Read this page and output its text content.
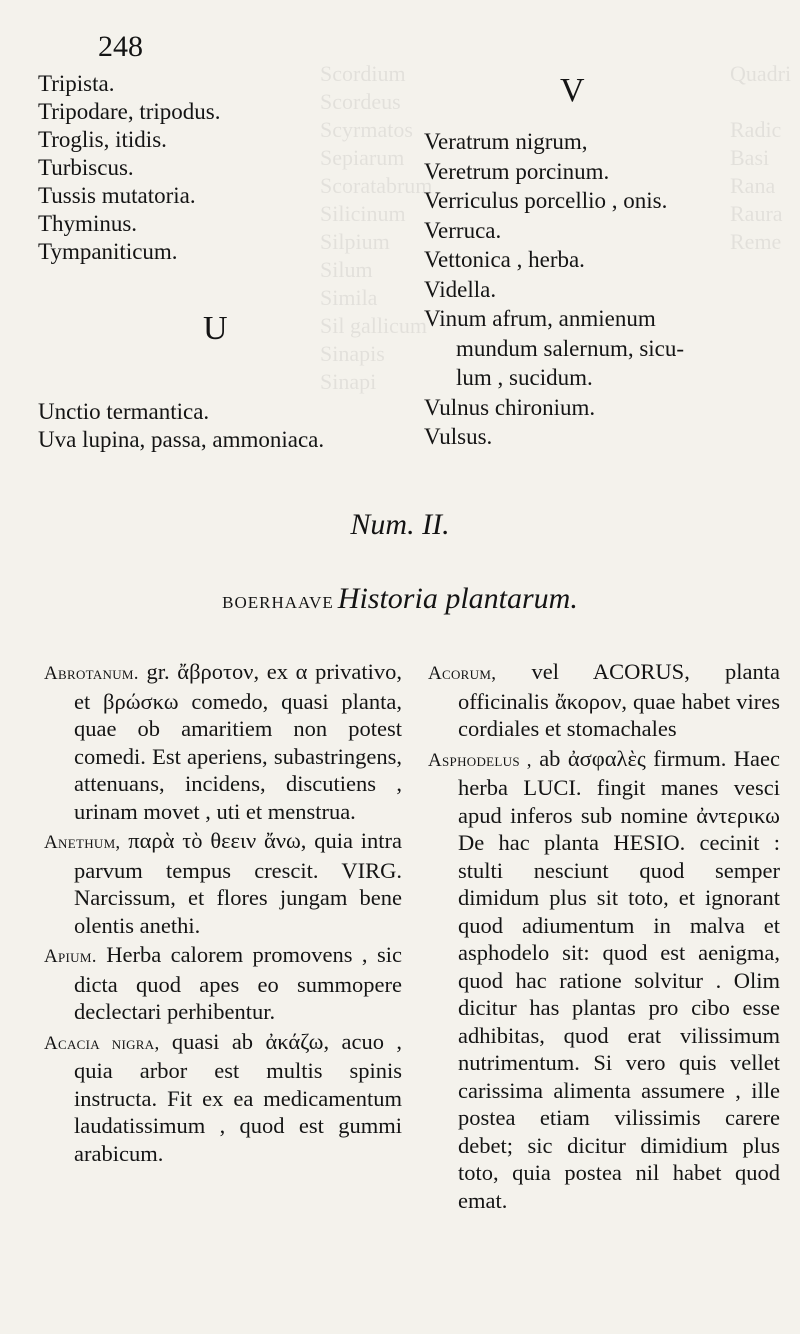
Scordium
Scordeus
Scyrmatos
Sepiarum
Scoratabrum
Silicinum
Silpium
Silum
Simila
Sil gallicum
Sinapis
Sinapi
Quadri

Radic
Basi
Rana
Raura
Reme
248
Tripista.
Tripodare, tripodus.
Troglis, itidis.
Turbiscus.
Tussis mutatoria.
Thyminus.
Tympaniticum.
U
Unctio termantica.
Uva lupina, passa, ammoniaca.
V
Veratrum nigrum,
Veretrum porcinum.
Verriculus porcellio , onis.
Verruca.
Vettonica , herba.
Vidella.
Vinum afrum, anmienum
mundum salernum, sicu-
lum , sucidum.
Vulnus chironium.
Vulsus.
Num. II.
BOERHAAVE Historia plantarum.
Abrotanum. gr. ἄβροτον, ex α privativo, et βρώσκω comedo, quasi planta, quae ob amaritiem non potest comedi. Est aperiens, subastringens, attenuans, incidens, discutiens , urinam movet , uti et menstrua.
Anethum, παρὰ τὸ θεειν ἄνω, quia intra parvum tempus crescit. VIRG. Narcissum, et flores jungam bene olentis anethi.
Apium. Herba calorem promovens , sic dicta quod apes eo summopere declectari perhibentur.
Acacia nigra, quasi ab ἀκάζω, acuo , quia arbor est multis spinis instructa. Fit ex ea medicamentum laudatissimum , quod est gummi arabicum.
Acorum, vel ACORUS, planta officinalis ἄκορον, quae habet vires cordiales et stomachales
Asphodelus , ab ἀσφαλὲς firmum. Haec herba LUCI. fingit manes vesci apud inferos sub nomine ἀντερικω De hac planta HESIO. cecinit : stulti nesciunt quod semper dimidum plus sit toto, et ignorant quod adiumentum in malva et asphodelo sit: quod est aenigma, quod hac ratione solvitur . Olim dicitur has plantas pro cibo esse adhibitas, quod erat vilissimum nutrimentum. Si vero quis vellet carissima alimenta assumere , ille postea etiam vilissimis carere debet; sic dicitur dimidium plus toto, quia postea nil habet quod emat.
